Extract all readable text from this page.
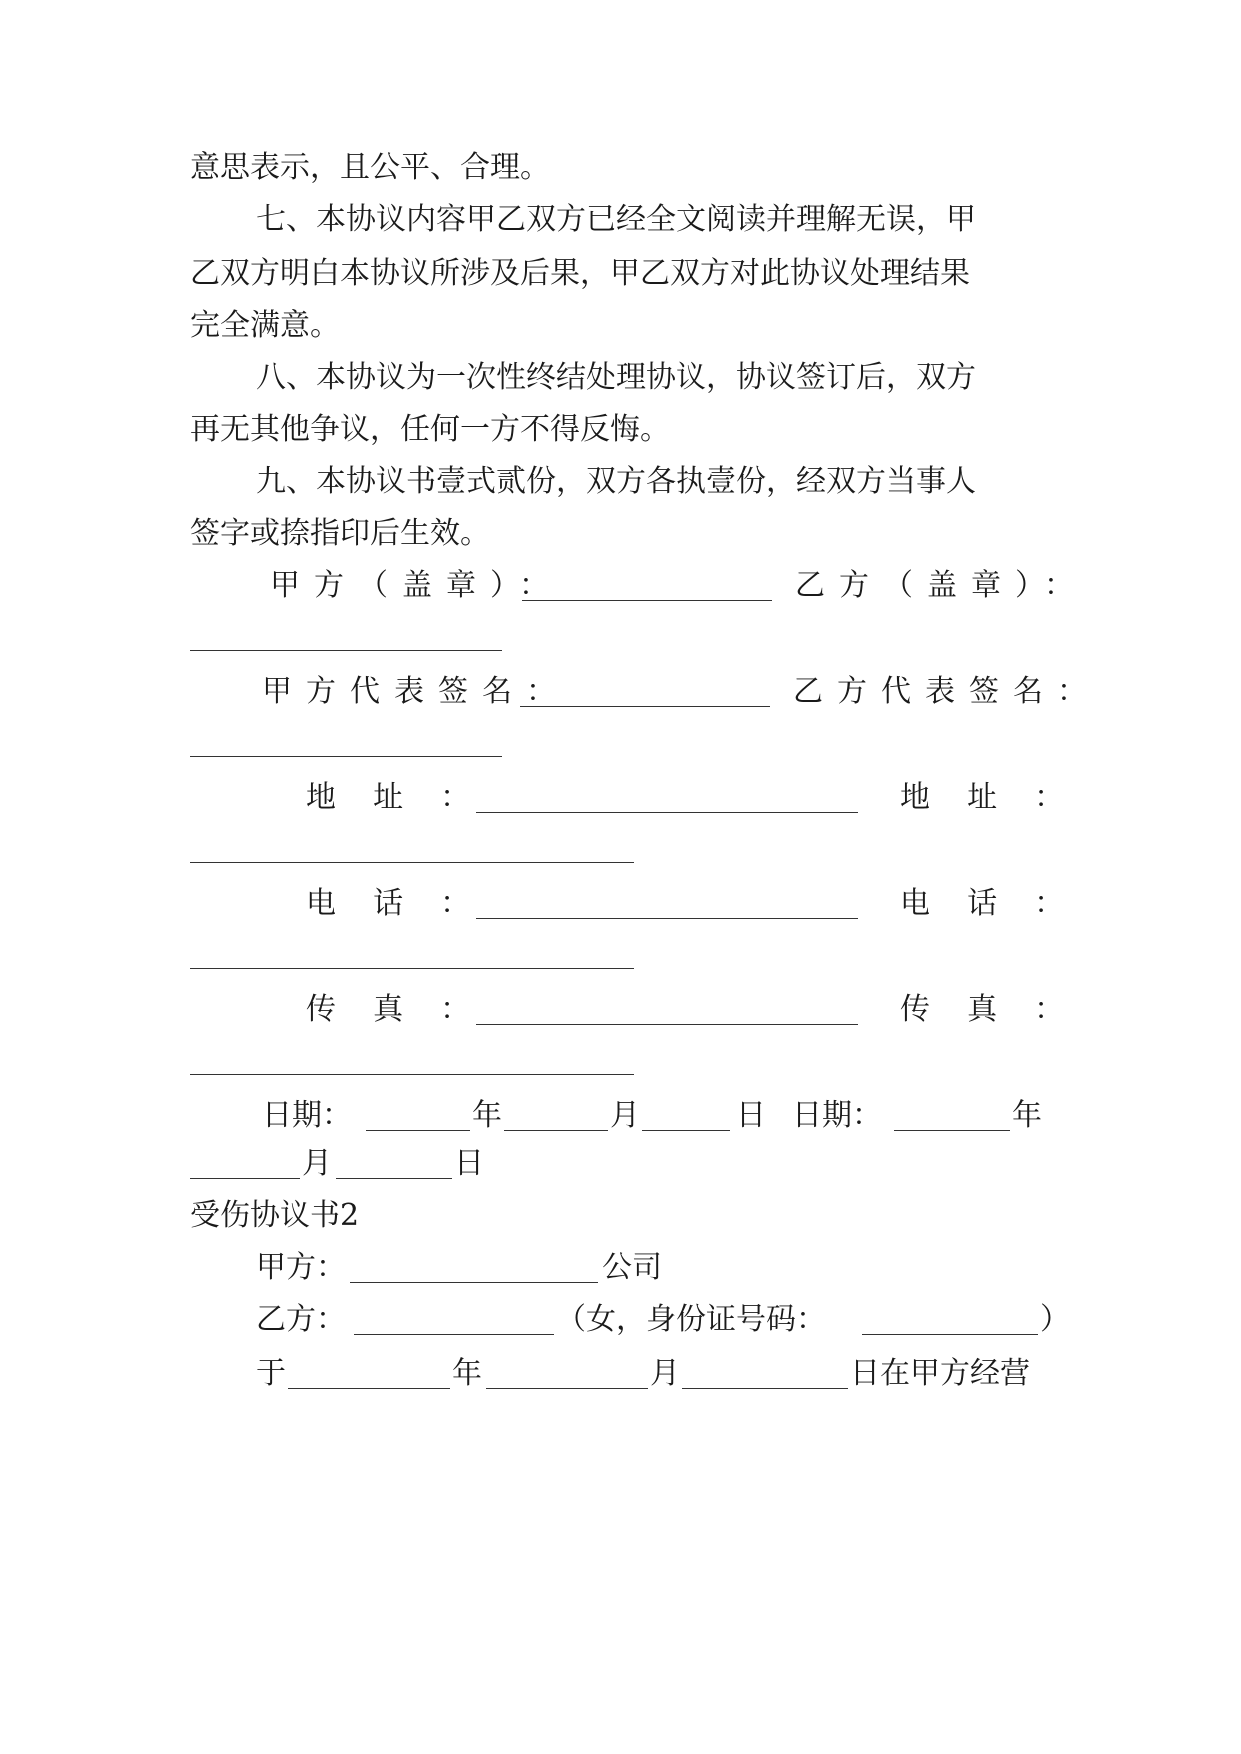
意思表示，且公平、合理。
七、本协议内容甲乙双方已经全文阅读并理解无误，甲
乙双方明白本协议所涉及后果，甲乙双方对此协议处理结果
完全满意。
八、本协议为一次性终结处理协议，协议签订后，双方
再无其他争议，任何一方不得反悔。
九、本协议书壹式贰份，双方各执壹份，经双方当事人
签字或捺指印后生效。
甲方（盖章）：	乙方（盖章）：
甲方代表签名：	乙方代表签名：
地  址  ：	地  址  ：
电  话  ：	电  话  ：
传  真  ：	传  真  ：
日期：	年	月	日 日期：	年
月	日
受伤协议书2
甲方：	公司
乙方：	（女，身份证号码：	）
于	年	月	日在甲方经营
